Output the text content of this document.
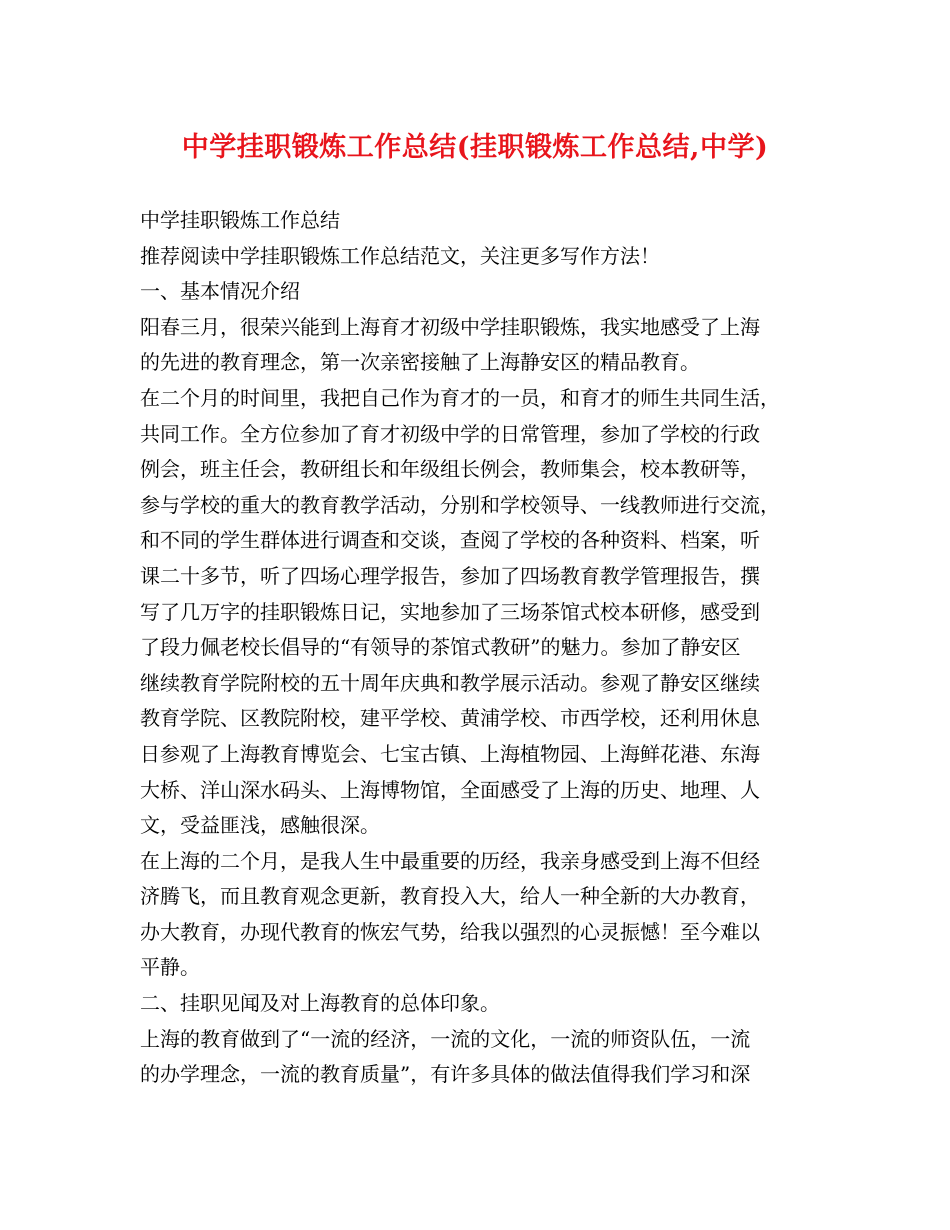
中学挂职锻炼工作总结(挂职锻炼工作总结,中学)
中学挂职锻炼工作总结
推荐阅读中学挂职锻炼工作总结范文，关注更多写作方法！
一、基本情况介绍
阳春三月，很荣兴能到上海育才初级中学挂职锻炼，我实地感受了上海
的先进的教育理念，第一次亲密接触了上海静安区的精品教育。
在二个月的时间里，我把自己作为育才的一员，和育才的师生共同生活，
共同工作。全方位参加了育才初级中学的日常管理，参加了学校的行政
例会，班主任会，教研组长和年级组长例会，教师集会，校本教研等，
参与学校的重大的教育教学活动，分别和学校领导、一线教师进行交流，
和不同的学生群体进行调查和交谈，查阅了学校的各种资料、档案，听
课二十多节，听了四场心理学报告，参加了四场教育教学管理报告，撰
写了几万字的挂职锻炼日记，实地参加了三场茶馆式校本研修，感受到
了段力佩老校长倡导的“有领导的茶馆式教研”的魅力。参加了静安区
继续教育学院附校的五十周年庆典和教学展示活动。参观了静安区继续
教育学院、区教院附校，建平学校、黄浦学校、市西学校，还利用休息
日参观了上海教育博览会、七宝古镇、上海植物园、上海鲜花港、东海
大桥、洋山深水码头、上海博物馆，全面感受了上海的历史、地理、人
文，受益匪浅，感触很深。
在上海的二个月，是我人生中最重要的历经，我亲身感受到上海不但经
济腾飞，而且教育观念更新，教育投入大，给人一种全新的大办教育，
办大教育，办现代教育的恢宏气势，给我以强烈的心灵振憾！至今难以
平静。
二、挂职见闻及对上海教育的总体印象。
上海的教育做到了“一流的经济，一流的文化，一流的师资队伍，一流
的办学理念，一流的教育质量”，有许多具体的做法值得我们学习和深
